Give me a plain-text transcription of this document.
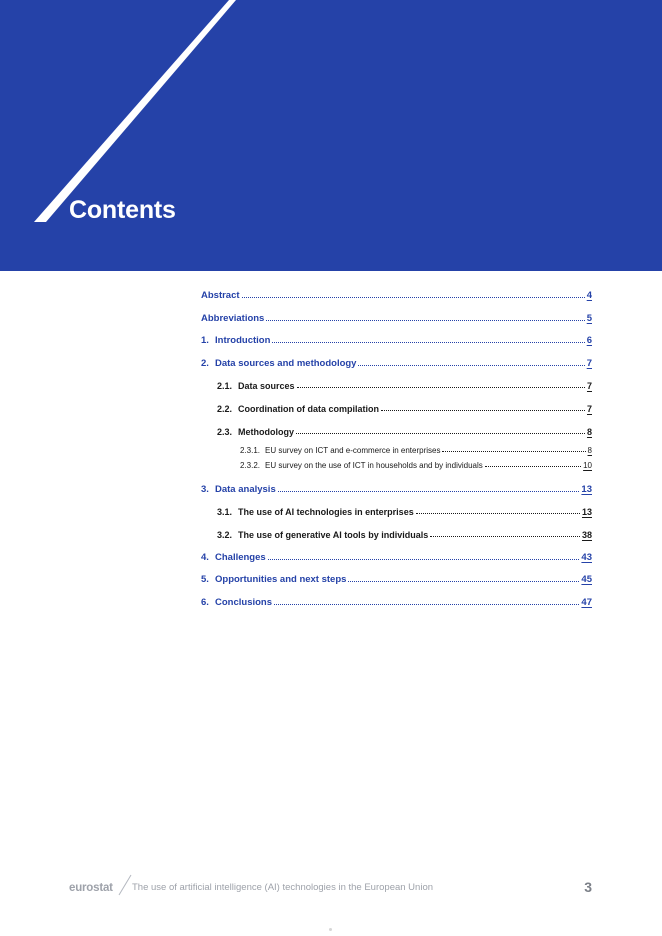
Contents
Abstract	4
Abbreviations	5
1. Introduction	6
2. Data sources and methodology	7
2.1. Data sources	7
2.2. Coordination of data compilation	7
2.3. Methodology	8
2.3.1. EU survey on ICT and e-commerce in enterprises	8
2.3.2. EU survey on the use of ICT in households and by individuals	10
3. Data analysis	13
3.1. The use of AI technologies in enterprises	13
3.2. The use of generative AI tools by individuals	38
4. Challenges	43
5. Opportunities and next steps	45
6. Conclusions	47
eurostat The use of artificial intelligence (AI) technologies in the European Union	3
